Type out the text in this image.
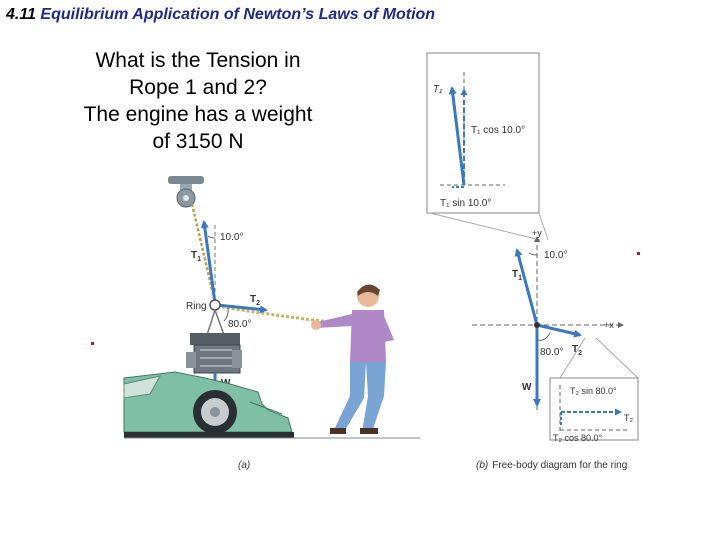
4.11 Equilibrium Application of Newton’s Laws of Motion
What is the Tension in
Rope 1 and 2?
The engine has a weight
of 3150 N
10.0°
$T_1$
$T_2$
Ring
80.0°
(a)
T₁
T₁ cos 10.0°
T₁ sin 10.0°
+y
+x
10.0°
$T_1$
$T_2$
80.0°
W	T₂ sin 80.0°
T₂
T₂ cos 80.0°
(b) Free-body diagram for the ring
